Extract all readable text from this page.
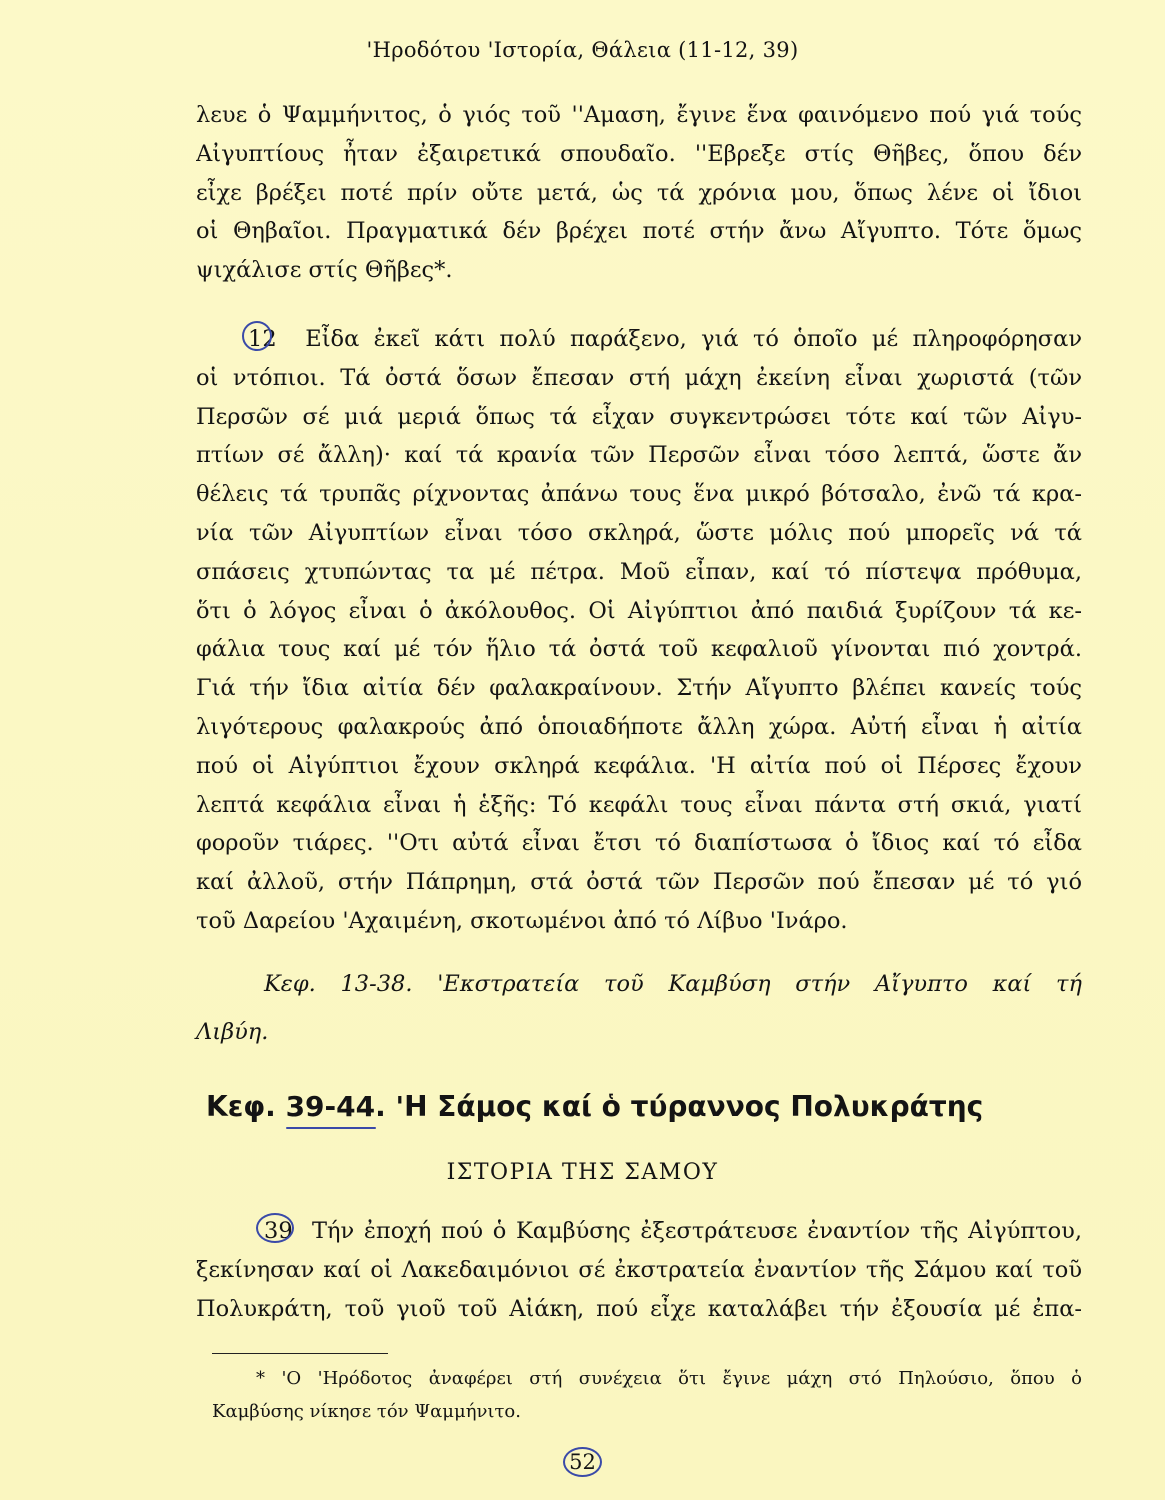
'Ηροδότου 'Ιστορία, Θάλεια (11-12, 39)
λευε ὁ Ψαμμήνιτος, ὁ γιός τοῦ ''Αμαση, ἔγινε ἕνα φαινόμενο πού γιά τούς
Αἰγυπτίους ἦταν ἐξαιρετικά σπουδαῖο. ''Εβρεξε στίς Θῆβες, ὅπου δέν
εἶχε βρέξει ποτέ πρίν οὔτε μετά, ὡς τά χρόνια μου, ὅπως λένε οἱ ἴδιοι
οἱ Θηβαῖοι. Πραγματικά δέν βρέχει ποτέ στήν ἄνω Αἴγυπτο. Τότε ὅμως
ψιχάλισε στίς Θῆβες*.
12 Εἶδα ἐκεῖ κάτι πολύ παράξενο, γιά τό ὁποῖο μέ πληροφόρησαν
οἱ ντόπιοι. Τά ὀστά ὅσων ἔπεσαν στή μάχη ἐκείνη εἶναι χωριστά (τῶν
Περσῶν σέ μιά μεριά ὅπως τά εἶχαν συγκεντρώσει τότε καί τῶν Αἰγυ-
πτίων σέ ἄλλη)· καί τά κρανία τῶν Περσῶν εἶναι τόσο λεπτά, ὥστε ἄν
θέλεις τά τρυπᾶς ρίχνοντας ἀπάνω τους ἕνα μικρό βότσαλο, ἐνῶ τά κρα-
νία τῶν Αἰγυπτίων εἶναι τόσο σκληρά, ὥστε μόλις πού μπορεῖς νά τά
σπάσεις χτυπώντας τα μέ πέτρα. Μοῦ εἶπαν, καί τό πίστεψα πρόθυμα,
ὅτι ὁ λόγος εἶναι ὁ ἀκόλουθος. Οἱ Αἰγύπτιοι ἀπό παιδιά ξυρίζουν τά κε-
φάλια τους καί μέ τόν ἥλιο τά ὀστά τοῦ κεφαλιοῦ γίνονται πιό χοντρά.
Γιά τήν ἴδια αἰτία δέν φαλακραίνουν. Στήν Αἴγυπτο βλέπει κανείς τούς
λιγότερους φαλακρούς ἀπό ὁποιαδήποτε ἄλλη χώρα. Αὐτή εἶναι ἡ αἰτία
πού οἱ Αἰγύπτιοι ἔχουν σκληρά κεφάλια. 'Η αἰτία πού οἱ Πέρσες ἔχουν
λεπτά κεφάλια εἶναι ἡ ἑξῆς: Τό κεφάλι τους εἶναι πάντα στή σκιά, γιατί
φοροῦν τιάρες. ''Οτι αὐτά εἶναι ἔτσι τό διαπίστωσα ὁ ἴδιος καί τό εἶδα
καί ἀλλοῦ, στήν Πάπρημη, στά ὀστά τῶν Περσῶν πού ἔπεσαν μέ τό γιό
τοῦ Δαρείου 'Αχαιμένη, σκοτωμένοι ἀπό τό Λίβυο 'Ινάρο.
Κεφ. 13-38. 'Εκστρατεία τοῦ Καμβύση στήν Αἴγυπτο καί τή
Λιβύη.
Κεφ. 39-44. 'Η Σάμος καί ὁ τύραννος Πολυκράτης
ΙΣΤΟΡΙΑ ΤΗΣ ΣΑΜΟΥ
39 Τήν ἐποχή πού ὁ Καμβύσης ἐξεστράτευσε ἐναντίον τῆς Αἰγύπτου,
ξεκίνησαν καί οἱ Λακεδαιμόνιοι σέ ἐκστρατεία ἐναντίον τῆς Σάμου καί τοῦ
Πολυκράτη, τοῦ γιοῦ τοῦ Αἰάκη, πού εἶχε καταλάβει τήν ἐξουσία μέ ἐπα-
* 'Ο 'Ηρόδοτος ἀναφέρει στή συνέχεια ὅτι ἔγινε μάχη στό Πηλούσιο, ὅπου ὁ
Καμβύσης νίκησε τόν Ψαμμήνιτο.
52
